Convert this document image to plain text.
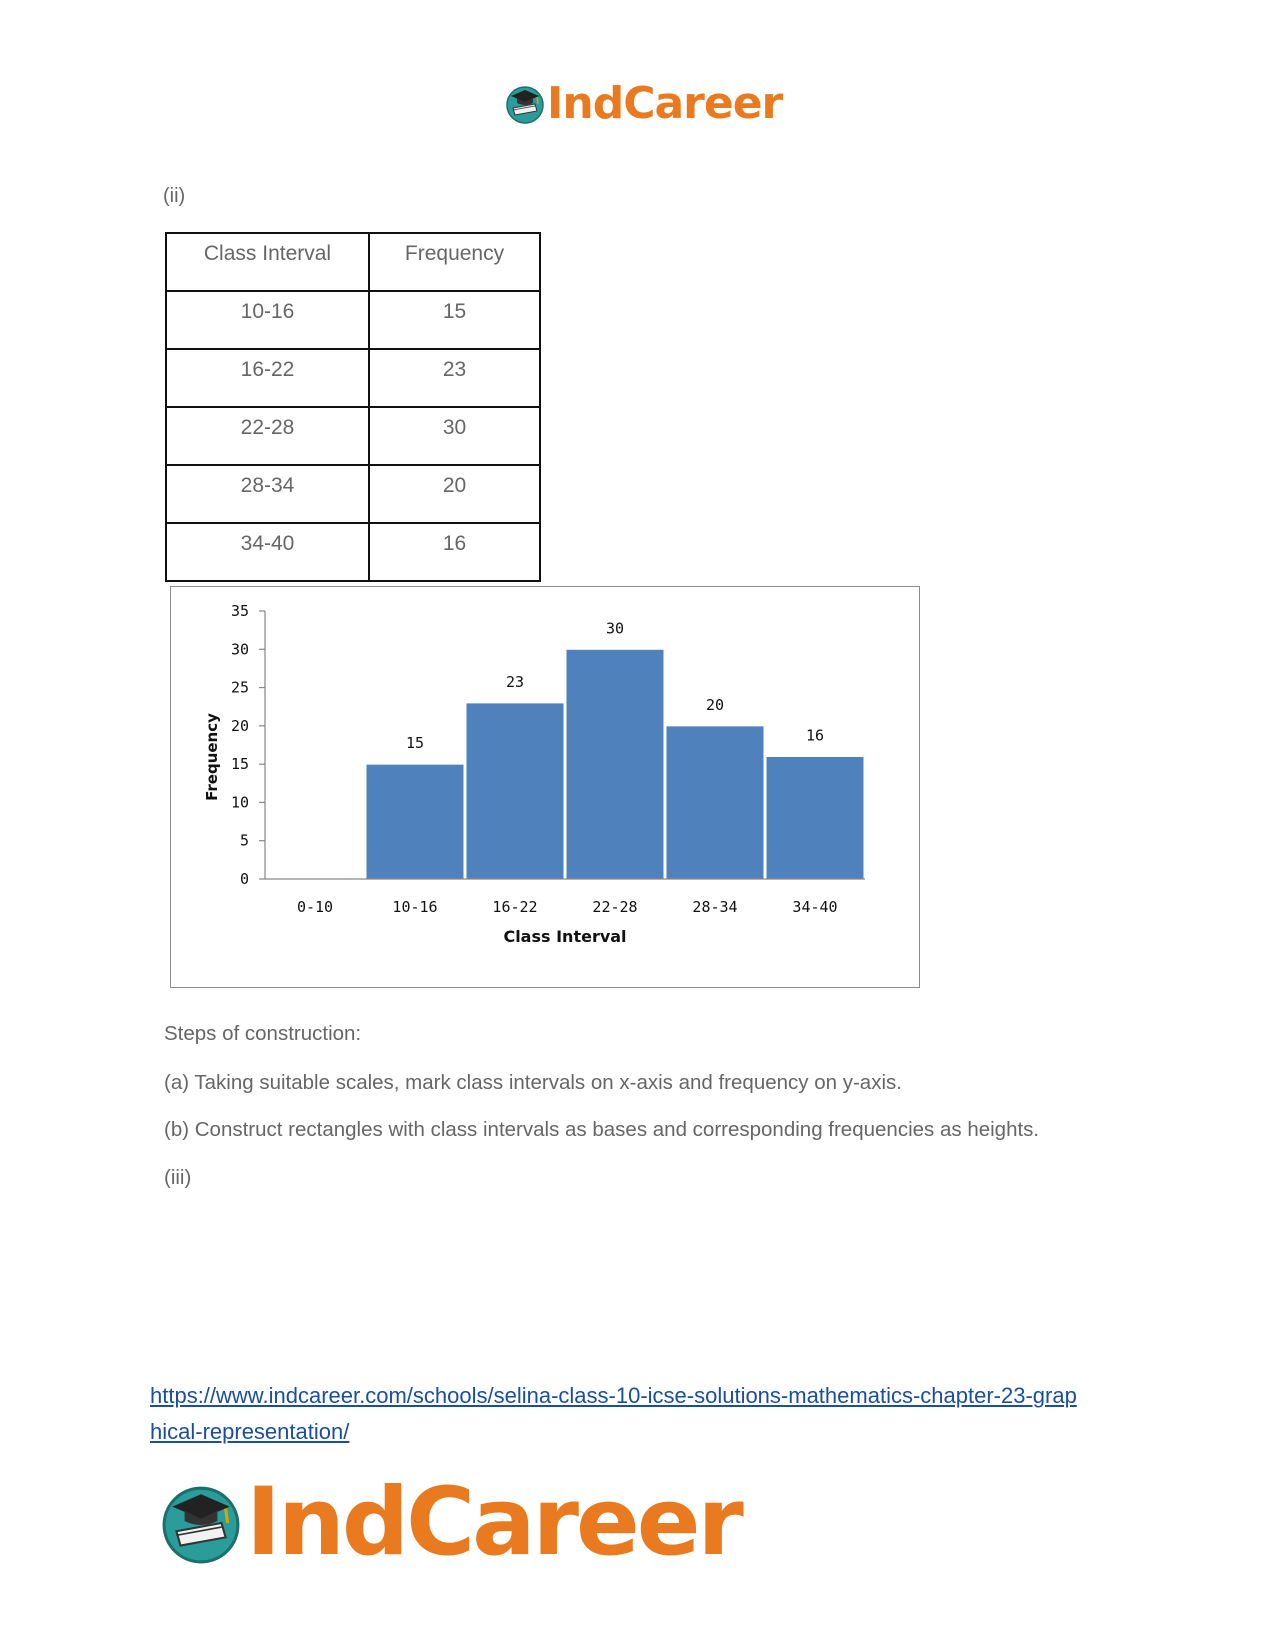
IndCareer
(ii)
Class Interval	Frequency
10-16	15
16-22	23
22-28	30
28-34	20
34-40	16
0
5
10
15
20
25
30
35
15
23
30
20
16
0-10	10-16	16-22	22-28	28-34	34-40
Class Interval
Frequency
Steps of construction:
(a) Taking suitable scales, mark class intervals on x-axis and frequency on y-axis.
(b) Construct rectangles with class intervals as bases and corresponding frequencies as heights.
(iii)
https://www.indcareer.com/schools/selina-class-10-icse-solutions-mathematics-chapter-23-grap
hical-representation/
IndCareer
